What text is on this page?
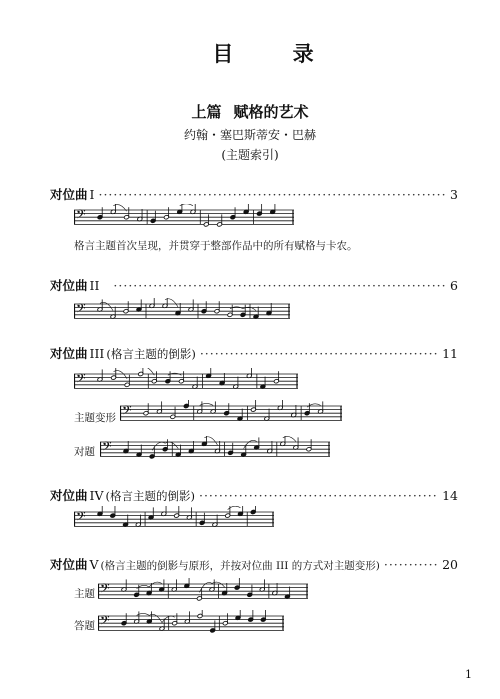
目 录
上篇 赋格的艺术
约翰・塞巴斯蒂安・巴赫
(主题索引)
对位曲 I ·····	3
𝄢
格言主题首次呈现，并贯穿于整部作品中的所有赋格与卡农。
对位曲 II ·····	6
𝄢
对位曲 III (格言主题的倒影) ·····	11
𝄢
主题变形 𝄢
对题 𝄢
对位曲 IV (格言主题的倒影) ·····	14
𝄢
对位曲 V (格言主题的倒影与原形，并按对位曲 III 的方式对主题变形) ·····	20
主题 𝄢
答题 𝄢
1
